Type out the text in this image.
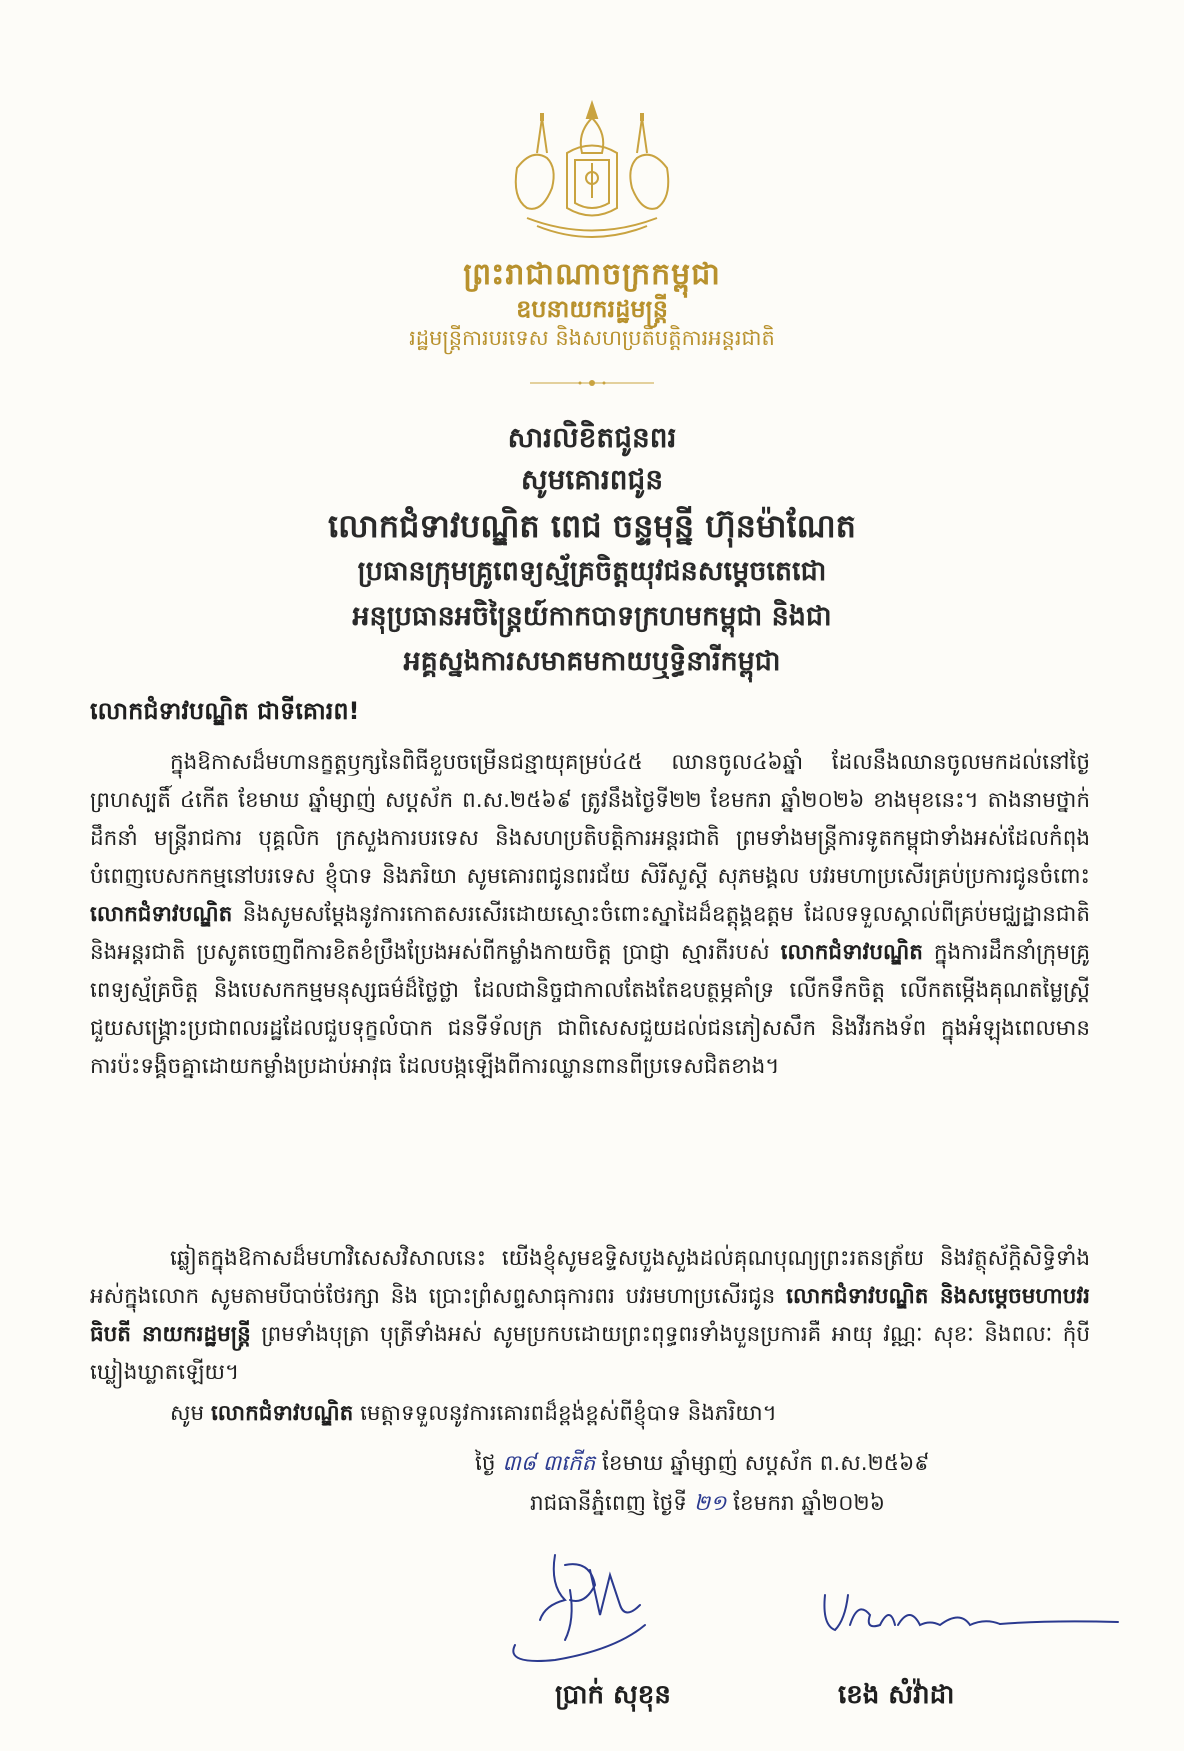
ព្រះរាជាណាចក្រកម្ពុជា
ឧបនាយករដ្ឋមន្ត្រី
រដ្ឋមន្ត្រីការបរទេស និងសហប្រតិបត្តិការអន្តរជាតិ
សារលិខិតជូនពរ
សូមគោរពជូន
លោកជំទាវបណ្ឌិត ពេជ ចន្ទមុន្នី ហ៊ុនម៉ាណែត
ប្រធានក្រុមគ្រូពេទ្យស្ម័គ្រចិត្តយុវជនសម្តេចតេជោ
អនុប្រធានអចិន្ត្រៃយ៍កាកបាទក្រហមកម្ពុជា និងជា
អគ្គស្នងការសមាគមកាយឬទ្ធិនារីកម្ពុជា
លោកជំទាវបណ្ឌិត ជាទីគោរព!
ក្នុងឱកាសដ៏មហានក្ខត្តឫក្សនៃពិធីខួបចម្រើនជន្មាយុគម្រប់៤៥ ឈានចូល៤៦ឆ្នាំ ដែលនឹងឈានចូលមកដល់នៅថ្ងៃព្រហស្បតិ៍ ៤កើត ខែមាឃ ឆ្នាំម្សាញ់ សប្តស័ក ព.ស.២៥៦៩ ត្រូវនឹងថ្ងៃទី២២ ខែមករា ឆ្នាំ២០២៦ ខាងមុខនេះ។ តាងនាមថ្នាក់ដឹកនាំ មន្ត្រីរាជការ បុគ្គលិក ក្រសួងការបរទេស និងសហប្រតិបត្តិការអន្តរជាតិ ព្រមទាំងមន្ត្រីការទូតកម្ពុជាទាំងអស់ដែលកំពុងបំពេញបេសកកម្មនៅបរទេស ខ្ញុំបាទ និងភរិយា សូមគោរពជូនពរជ័យ សិរីសួស្តី សុភមង្គល បវរមហាប្រសើរគ្រប់ប្រការជូនចំពោះ លោកជំទាវបណ្ឌិត និងសូមសម្តែងនូវការកោតសរសើរដោយស្មោះចំពោះស្នាដៃដ៏ឧត្តុង្គឧត្តម ដែលទទួលស្គាល់ពីគ្រប់មជ្ឈដ្ឋានជាតិ និងអន្តរជាតិ ប្រសូតចេញពីការខិតខំប្រឹងប្រែងអស់ពីកម្លាំងកាយចិត្ត ប្រាជ្ញា ស្មារតីរបស់ លោកជំទាវបណ្ឌិត ក្នុងការដឹកនាំក្រុមគ្រូពេទ្យស្ម័គ្រចិត្ត និងបេសកកម្មមនុស្សធម៌ដ៏ថ្លៃថ្លា ដែលជានិច្ចជាកាលតែងតែឧបត្ថម្ភគាំទ្រ លើកទឹកចិត្ត លើកតម្កើងគុណតម្លៃស្ត្រី ជួយសង្គ្រោះប្រជាពលរដ្ឋដែលជួបទុក្ខលំបាក ជនទីទ័លក្រ ជាពិសេសជួយដល់ជនភៀសសឹក និងវីរកងទ័ព ក្នុងអំឡុងពេលមានការប៉ះទង្គិចគ្នាដោយកម្លាំងប្រដាប់អាវុធ ដែលបង្កឡើងពីការឈ្លានពានពីប្រទេសជិតខាង។
ឆ្លៀតក្នុងឱកាសដ៏មហាវិសេសវិសាលនេះ យើងខ្ញុំសូមឧទ្ទិសបួងសួងដល់គុណបុណ្យព្រះរតនត្រ័យ និងវត្ថុស័ក្តិសិទ្ធិទាំងអស់ក្នុងលោក សូមតាមបីបាច់ថែរក្សា និង ប្រោះព្រំសព្ទសាធុការពរ បវរមហាប្រសើរជូន លោកជំទាវបណ្ឌិត និងសម្តេចមហាបវរធិបតី នាយករដ្ឋមន្ត្រី ព្រមទាំងបុត្រា បុត្រីទាំងអស់ សូមប្រកបដោយព្រះពុទ្ធពរទាំងបួនប្រការគឺ អាយុ វណ្ណៈ សុខៈ និងពលៈ កុំបីឃ្លៀងឃ្លាតឡើយ។
សូម លោកជំទាវបណ្ឌិត មេត្តាទទួលនូវការគោរពដ៏ខ្ពង់ខ្ពស់ពីខ្ញុំបាទ និងភរិយា។
ថ្ងៃ ៣៨ ៣កើត ខែមាឃ ឆ្នាំម្សាញ់ សប្តស័ក ព.ស.២៥៦៩
រាជធានីភ្នំពេញ ថ្ងៃទី ២១ ខែមករា ឆ្នាំ២០២៦
ប្រាក់ សុខុន	ខេង សំវ៉ាដា
